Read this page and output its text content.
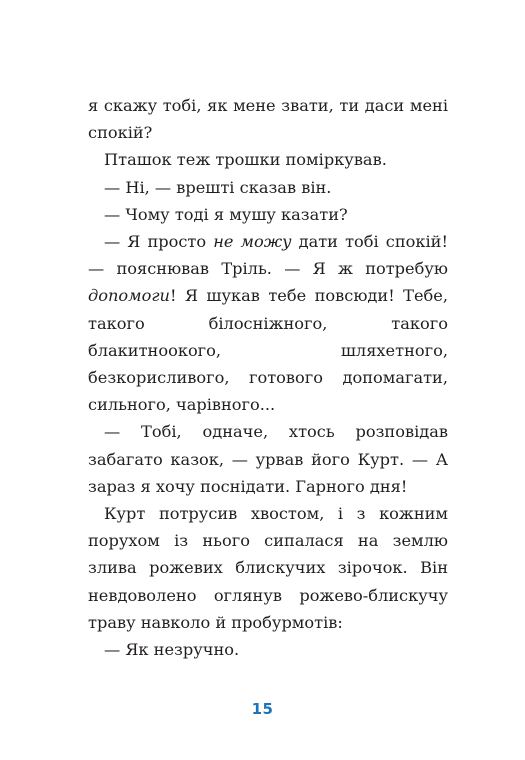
я скажу тобі, як мене звати, ти даси мені спокій?

Пташок теж трошки поміркував.

— Ні, — врешті сказав він.

— Чому тоді я мушу казати?

— Я просто не можу дати тобі спокій! — пояснював Тріль. — Я ж потребую допомоги! Я шукав тебе повсюди! Тебе, такого білосніжного, такого блакитноокого, шляхетного, безкорисливого, готового допомагати, сильного, чарівного...

— Тобі, одначе, хтось розповідав забагато казок, — урвав його Курт. — А зараз я хочу поснідати. Гарного дня!

Курт потрусив хвостом, і з кожним порухом із нього сипалася на землю злива рожевих блискучих зірочок. Він невдоволено оглянув рожево-блискучу траву навколо й пробурмотів:

— Як незручно.

15
